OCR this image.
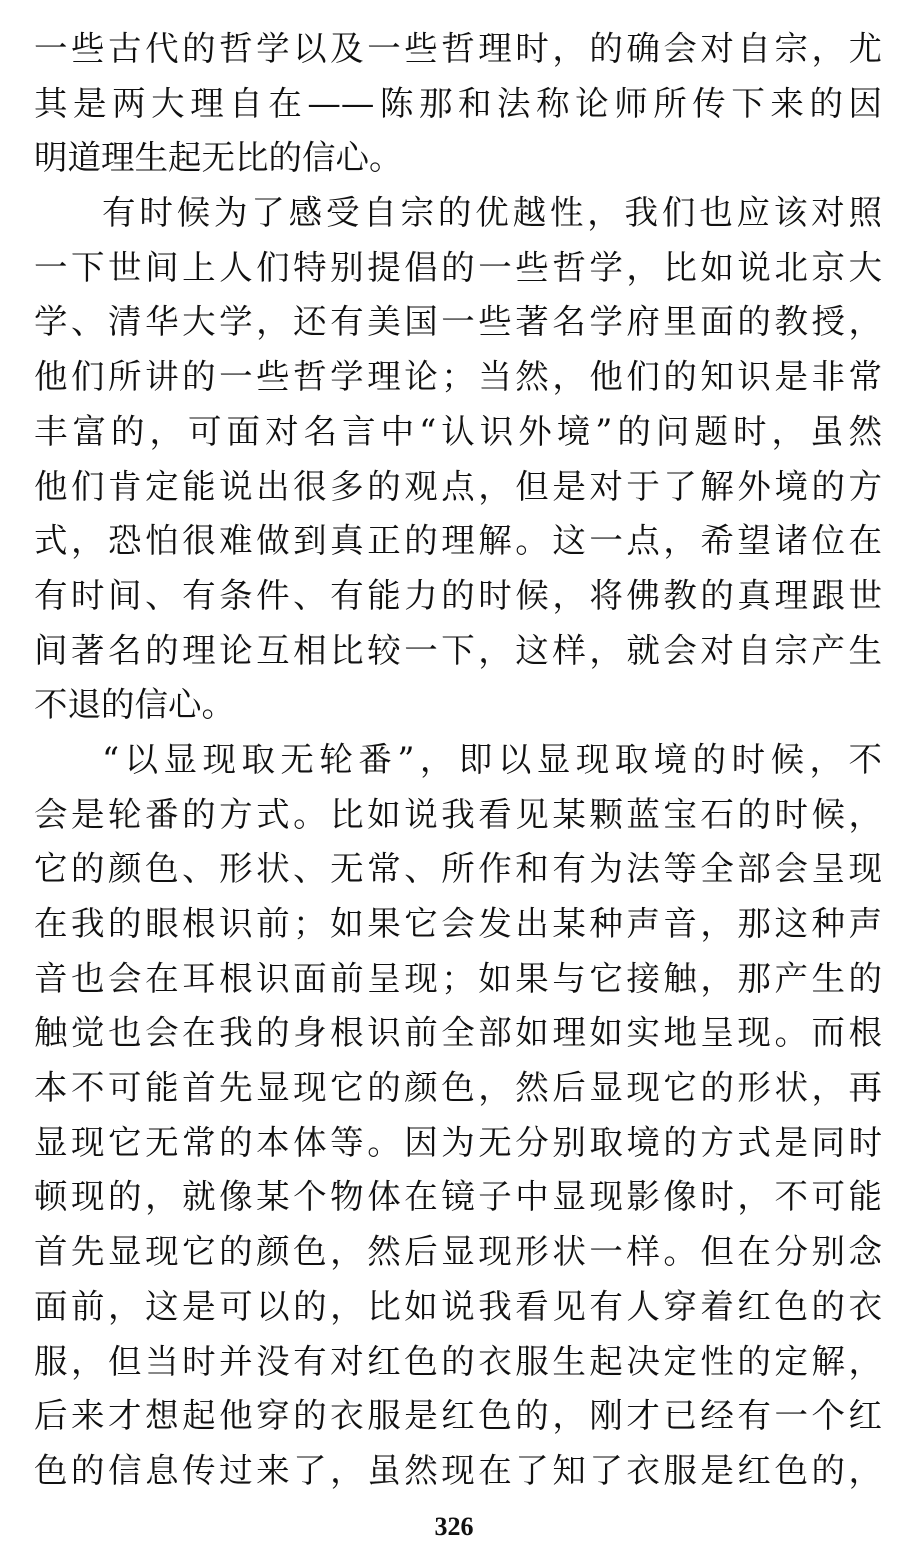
一些古代的哲学以及一些哲理时，的确会对自宗，尤
其是两大理自在——陈那和法称论师所传下来的因
明道理生起无比的信心。
有时候为了感受自宗的优越性，我们也应该对照
一下世间上人们特别提倡的一些哲学，比如说北京大
学、清华大学，还有美国一些著名学府里面的教授，
他们所讲的一些哲学理论；当然，他们的知识是非常
丰富的，可面对名言中“认识外境”的问题时，虽然
他们肯定能说出很多的观点，但是对于了解外境的方
式，恐怕很难做到真正的理解。这一点，希望诸位在
有时间、有条件、有能力的时候，将佛教的真理跟世
间著名的理论互相比较一下，这样，就会对自宗产生
不退的信心。
“以显现取无轮番”，即以显现取境的时候，不
会是轮番的方式。比如说我看见某颗蓝宝石的时候，
它的颜色、形状、无常、所作和有为法等全部会呈现
在我的眼根识前；如果它会发出某种声音，那这种声
音也会在耳根识面前呈现；如果与它接触，那产生的
触觉也会在我的身根识前全部如理如实地呈现。而根
本不可能首先显现它的颜色，然后显现它的形状，再
显现它无常的本体等。因为无分别取境的方式是同时
顿现的，就像某个物体在镜子中显现影像时，不可能
首先显现它的颜色，然后显现形状一样。但在分别念
面前，这是可以的，比如说我看见有人穿着红色的衣
服，但当时并没有对红色的衣服生起决定性的定解，
后来才想起他穿的衣服是红色的，刚才已经有一个红
色的信息传过来了，虽然现在了知了衣服是红色的，
326
